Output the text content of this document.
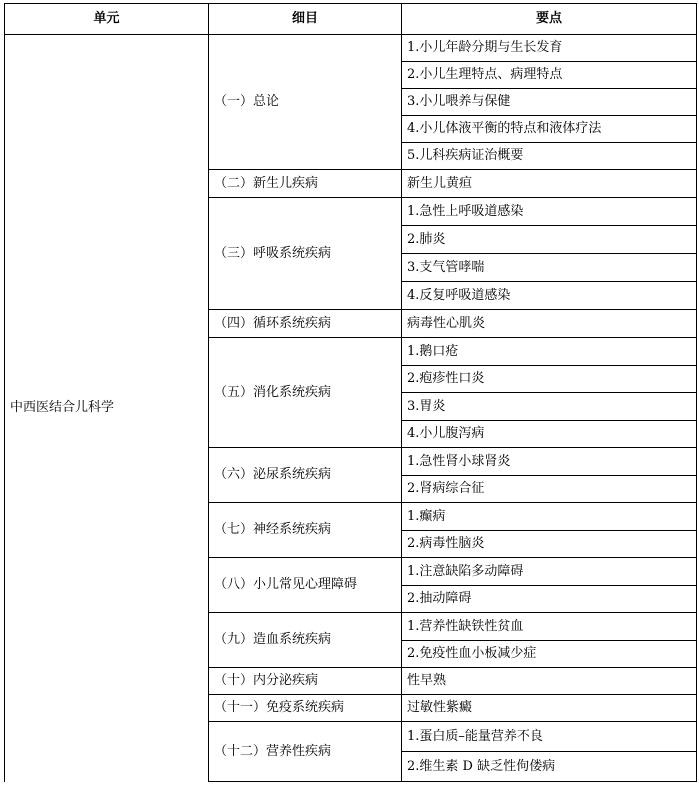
单元	细目	要点
中西医结合儿科学	（一）总论	1.小儿年龄分期与生长发育
		2.小儿生理特点、病理特点
		3.小儿喂养与保健
		4.小儿体液平衡的特点和液体疗法
		5.儿科疾病证治概要
	（二）新生儿疾病	新生儿黄疸
	（三）呼吸系统疾病	1.急性上呼吸道感染
		2.肺炎
		3.支气管哮喘
		4.反复呼吸道感染
	（四）循环系统疾病	病毒性心肌炎
	（五）消化系统疾病	1.鹅口疮
		2.疱疹性口炎
		3.胃炎
		4.小儿腹泻病
	（六）泌尿系统疾病	1.急性肾小球肾炎
		2.肾病综合征
	（七）神经系统疾病	1.癫病
		2.病毒性脑炎
	（八）小儿常见心理障碍	1.注意缺陷多动障碍
		2.抽动障碍
	（九）造血系统疾病	1.营养性缺铁性贫血
		2.免疫性血小板减少症
	（十）内分泌疾病	性早熟
	（十一）免疫系统疾病	过敏性紫癜
	（十二）营养性疾病	1.蛋白质–能量营养不良
		2.维生素 D 缺乏性佝偻病
